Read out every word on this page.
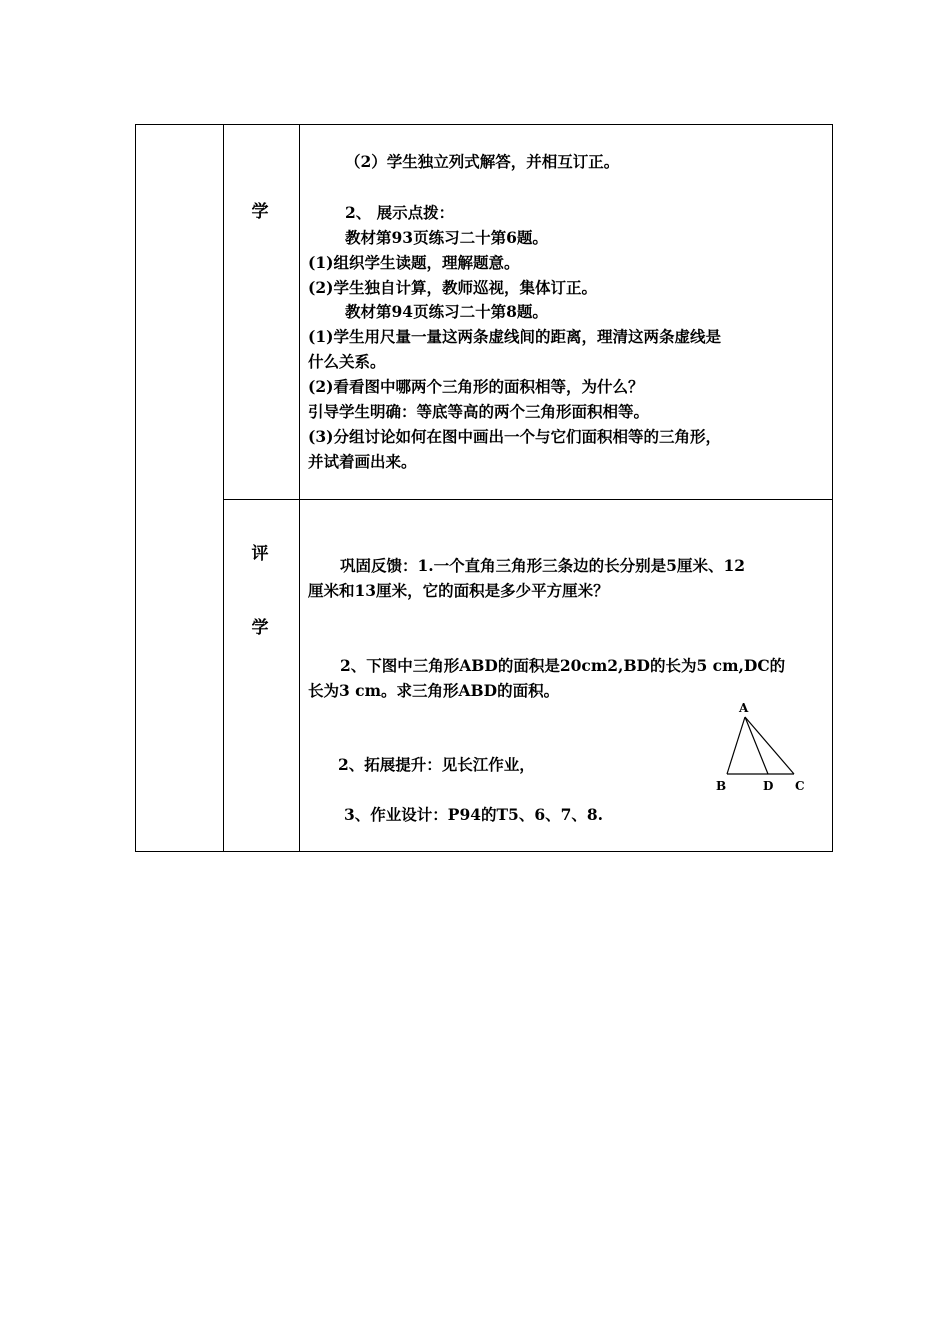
学
评
学
（2）学生独立列式解答，并相互订正。
2、 展示点拨：
教材第93页练习二十第6题。
(1)组织学生读题，理解题意。
(2)学生独自计算，教师巡视，集体订正。
教材第94页练习二十第8题。
(1)学生用尺量一量这两条虚线间的距离，理清这两条虚线是
什么关系。
(2)看看图中哪两个三角形的面积相等，为什么？
引导学生明确：等底等高的两个三角形面积相等。
(3)分组讨论如何在图中画出一个与它们面积相等的三角形，
并试着画出来。
巩固反馈：1.一个直角三角形三条边的长分别是5厘米、12
厘米和13厘米，它的面积是多少平方厘米？
2、下图中三角形ABD的面积是20cm2,BD的长为5 cm,DC的
长为3 cm。求三角形ABD的面积。
2、拓展提升：见长江作业，
3、作业设计：P94的T5、6、7、8.
A
B	D C
